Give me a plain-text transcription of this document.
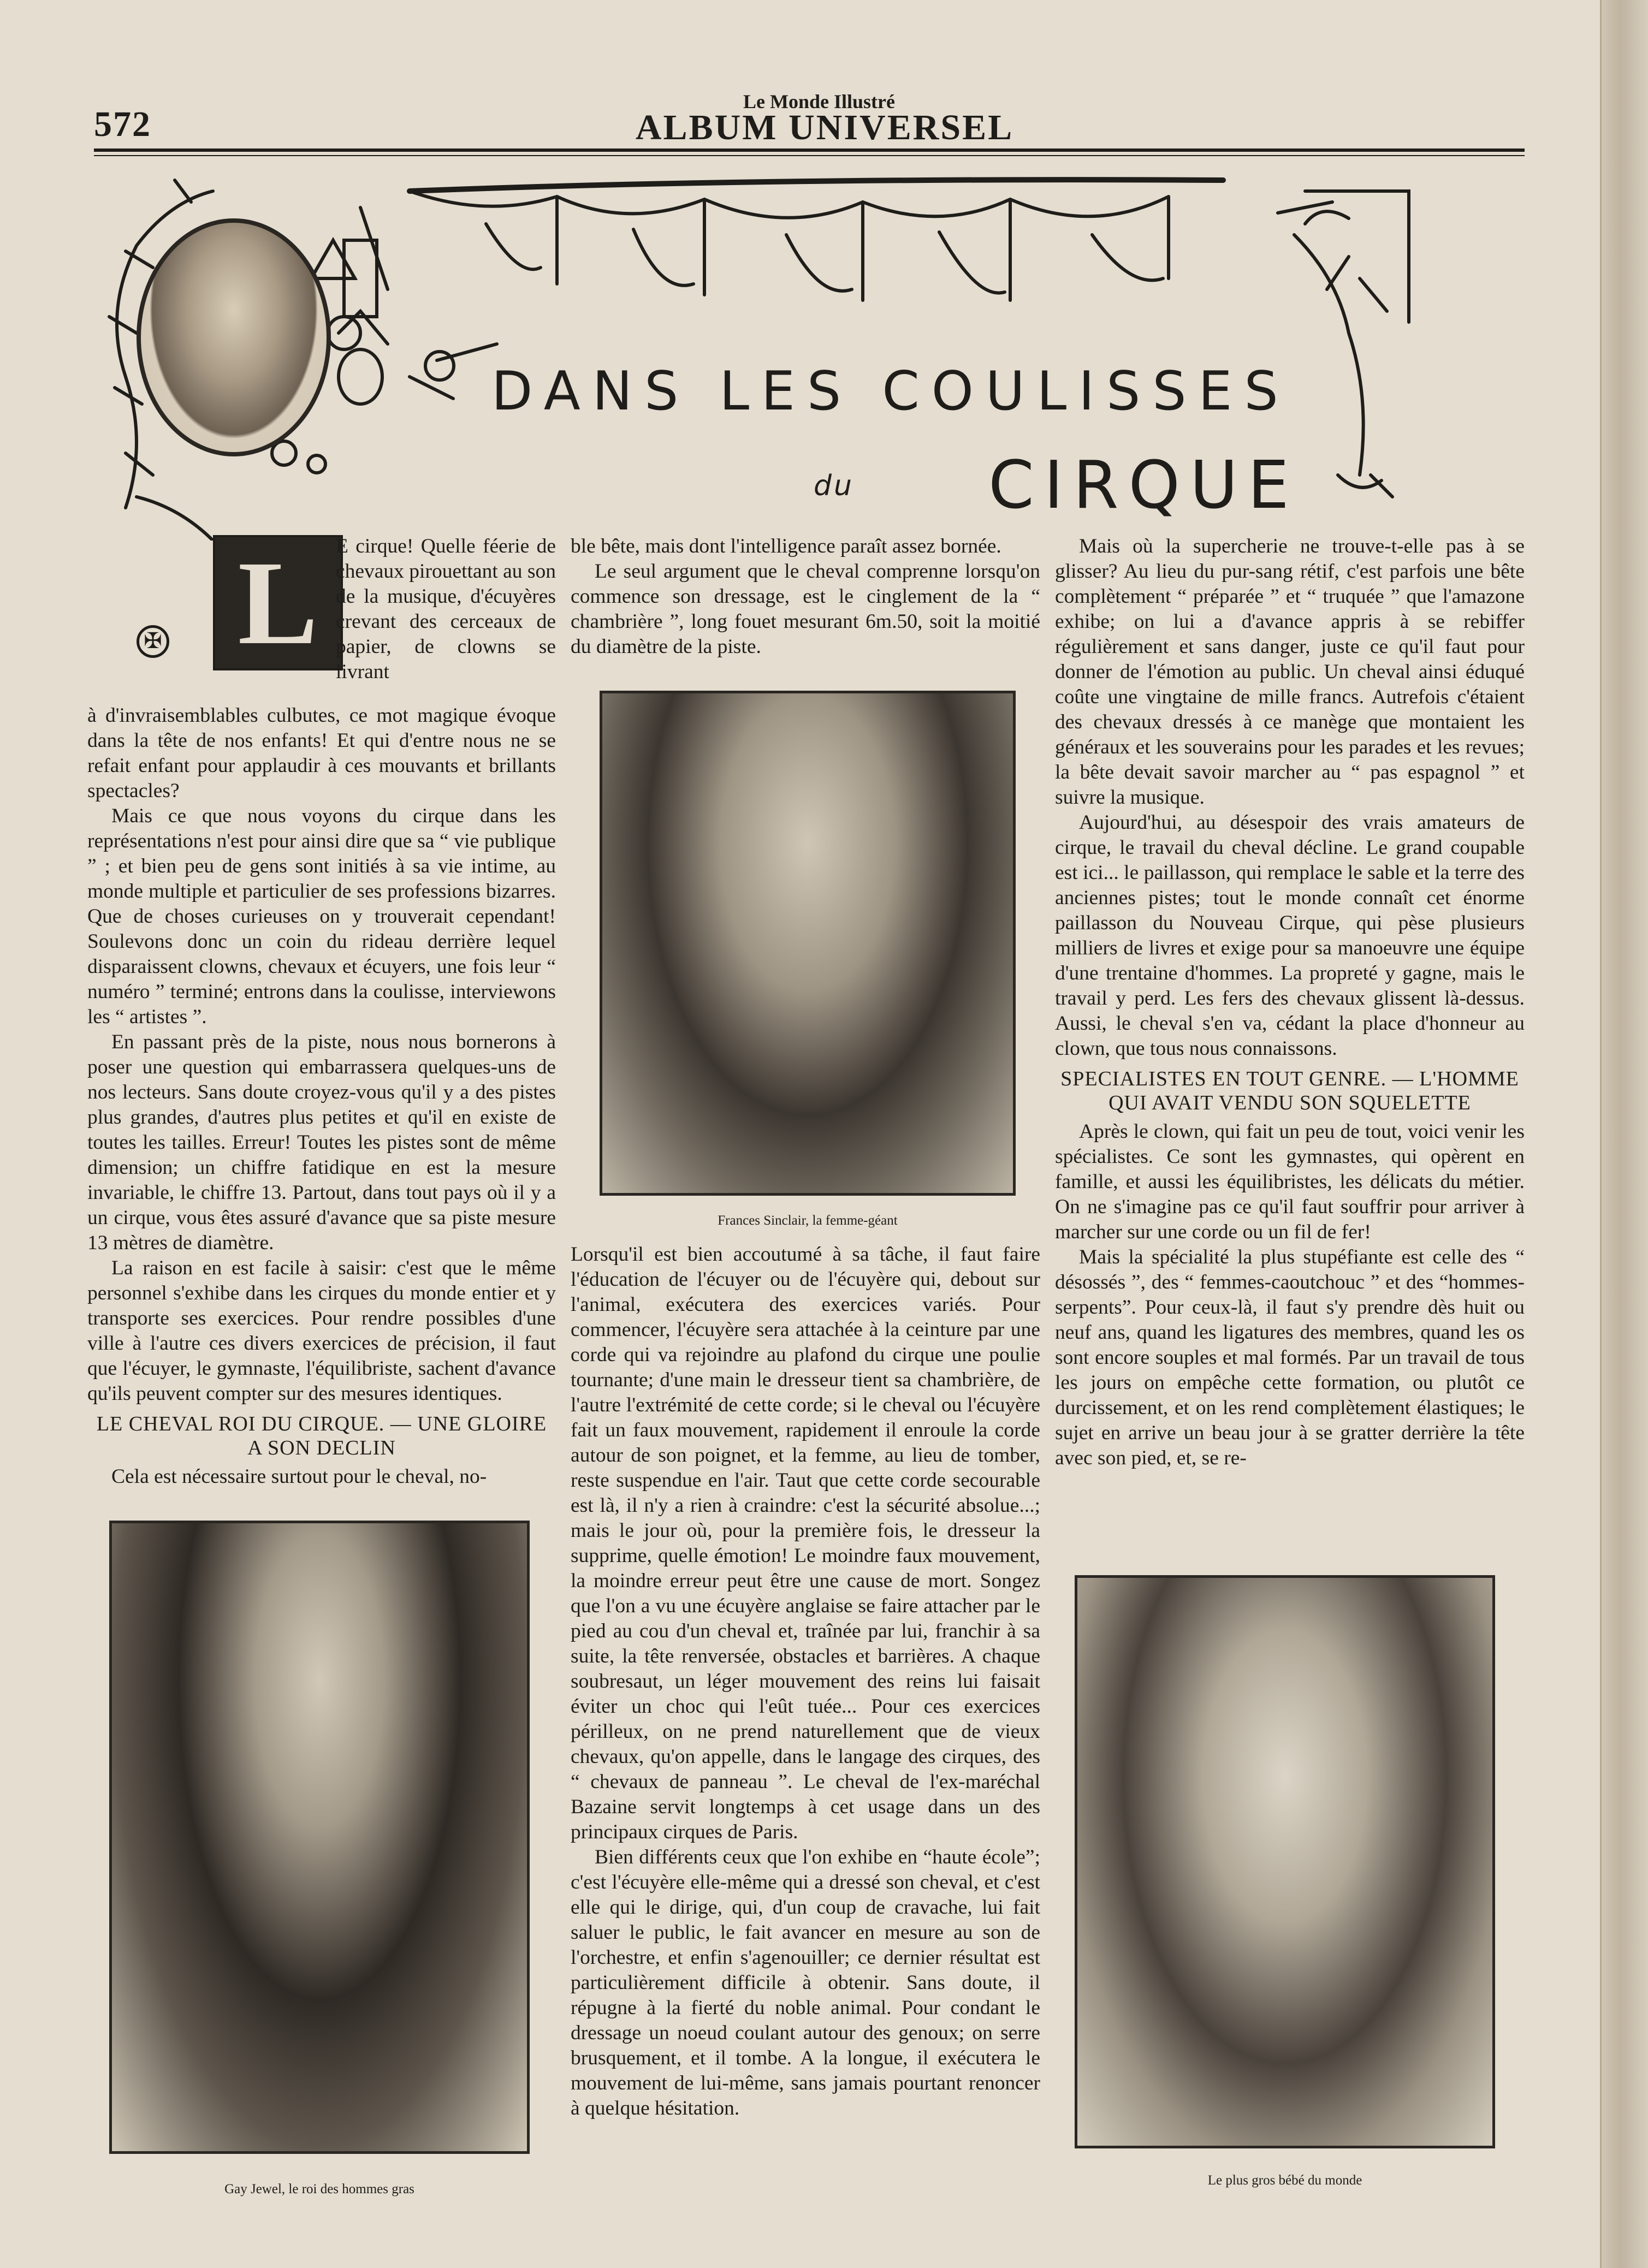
Le Monde Illustré
572	ALBUM UNIVERSEL
DANS LES COULISSES
du CIRQUE
✠ L E cirque! Quelle féerie de chevaux pirouettant au son de la musique, d'écuyères crevant des cerceaux de papier, de clowns se livrant

à d'invraisemblables culbutes, ce mot magique évoque dans la tête de nos enfants! Et qui d'entre nous ne se refait enfant pour applaudir à ces mouvants et brillants spectacles?

Mais ce que nous voyons du cirque dans les représentations n'est pour ainsi dire que sa “ vie publique ” ; et bien peu de gens sont initiés à sa vie intime, au monde multiple et particulier de ses professions bizarres. Que de choses curieuses on y trouverait cependant! Soulevons donc un coin du rideau derrière lequel disparaissent clowns, chevaux et écuyers, une fois leur “ numéro ” terminé; entrons dans la coulisse, interviewons les “ artistes ”.

En passant près de la piste, nous nous bornerons à poser une question qui embarrassera quelques-uns de nos lecteurs. Sans doute croyez-vous qu'il y a des pistes plus grandes, d'autres plus petites et qu'il en existe de toutes les tailles. Erreur! Toutes les pistes sont de même dimension; un chiffre fatidique en est la mesure invariable, le chiffre 13. Partout, dans tout pays où il y a un cirque, vous êtes assuré d'avance que sa piste mesure 13 mètres de diamètre.

La raison en est facile à saisir: c'est que le même personnel s'exhibe dans les cirques du monde entier et y transporte ses exercices. Pour rendre possibles d'une ville à l'autre ces divers exercices de précision, il faut que l'écuyer, le gymnaste, l'équilibriste, sachent d'avance qu'ils peuvent compter sur des mesures identiques.

LE CHEVAL ROI DU CIRQUE. — UNE GLOIRE A SON DECLIN

Cela est nécessaire surtout pour le cheval, no-

Gay Jewel, le roi des hommes gras

ble bête, mais dont l'intelligence paraît assez bornée.

Le seul argument que le cheval comprenne lorsqu'on commence son dressage, est le cinglement de la “ chambrière ”, long fouet mesurant 6m.50, soit la moitié du diamètre de la piste.

Frances Sinclair, la femme-géant

Lorsqu'il est bien accoutumé à sa tâche, il faut faire l'éducation de l'écuyer ou de l'écuyère qui, debout sur l'animal, exécutera des exercices variés. Pour commencer, l'écuyère sera attachée à la ceinture par une corde qui va rejoindre au plafond du cirque une poulie tournante; d'une main le dresseur tient sa chambrière, de l'autre l'extrémité de cette corde; si le cheval ou l'écuyère fait un faux mouvement, rapidement il enroule la corde autour de son poignet, et la femme, au lieu de tomber, reste suspendue en l'air. Taut que cette corde secourable est là, il n'y a rien à craindre: c'est la sécurité absolue...; mais le jour où, pour la première fois, le dresseur la supprime, quelle émotion! Le moindre faux mouvement, la moindre erreur peut être une cause de mort. Songez que l'on a vu une écuyère anglaise se faire attacher par le pied au cou d'un cheval et, traînée par lui, franchir à sa suite, la tête renversée, obstacles et barrières. A chaque soubresaut, un léger mouvement des reins lui faisait éviter un choc qui l'eût tuée... Pour ces exercices périlleux, on ne prend naturellement que de vieux chevaux, qu'on appelle, dans le langage des cirques, des “ chevaux de panneau ”. Le cheval de l'ex-maréchal Bazaine servit longtemps à cet usage dans un des principaux cirques de Paris.

Bien différents ceux que l'on exhibe en “haute école”; c'est l'écuyère elle-même qui a dressé son cheval, et c'est elle qui le dirige, qui, d'un coup de cravache, lui fait saluer le public, le fait avancer en mesure au son de l'orchestre, et enfin s'agenouiller; ce dernier résultat est particulièrement difficile à obtenir. Sans doute, il répugne à la fierté du noble animal. Pour condant le dressage un noeud coulant autour des genoux; on serre brusquement, et il tombe. A la longue, il exécutera le mouvement de lui-même, sans jamais pourtant renoncer à quelque hésitation.

Mais où la supercherie ne trouve-t-elle pas à se glisser? Au lieu du pur-sang rétif, c'est parfois une bête complètement “ préparée ” et “ truquée ” que l'amazone exhibe; on lui a d'avance appris à se rebiffer régulièrement et sans danger, juste ce qu'il faut pour donner de l'émotion au public. Un cheval ainsi éduqué coûte une vingtaine de mille francs. Autrefois c'étaient des chevaux dressés à ce manège que montaient les généraux et les souverains pour les parades et les revues; la bête devait savoir marcher au “ pas espagnol ” et suivre la musique.

Aujourd'hui, au désespoir des vrais amateurs de cirque, le travail du cheval décline. Le grand coupable est ici... le paillasson, qui remplace le sable et la terre des anciennes pistes; tout le monde connaît cet énorme paillasson du Nouveau Cirque, qui pèse plusieurs milliers de livres et exige pour sa manoeuvre une équipe d'une trentaine d'hommes. La propreté y gagne, mais le travail y perd. Les fers des chevaux glissent là-dessus. Aussi, le cheval s'en va, cédant la place d'honneur au clown, que tous nous connaissons.

SPECIALISTES EN TOUT GENRE. — L'HOMME QUI AVAIT VENDU SON SQUELETTE

Après le clown, qui fait un peu de tout, voici venir les spécialistes. Ce sont les gymnastes, qui opèrent en famille, et aussi les équilibristes, les délicats du métier. On ne s'imagine pas ce qu'il faut souffrir pour arriver à marcher sur une corde ou un fil de fer!

Mais la spécialité la plus stupéfiante est celle des “ désossés ”, des “ femmes-caoutchouc ” et des “hommes-serpents”. Pour ceux-là, il faut s'y prendre dès huit ou neuf ans, quand les ligatures des membres, quand les os sont encore souples et mal formés. Par un travail de tous les jours on empêche cette formation, ou plutôt ce durcissement, et on les rend complètement élastiques; le sujet en arrive un beau jour à se gratter derrière la tête avec son pied, et, se re-

Le plus gros bébé du monde
